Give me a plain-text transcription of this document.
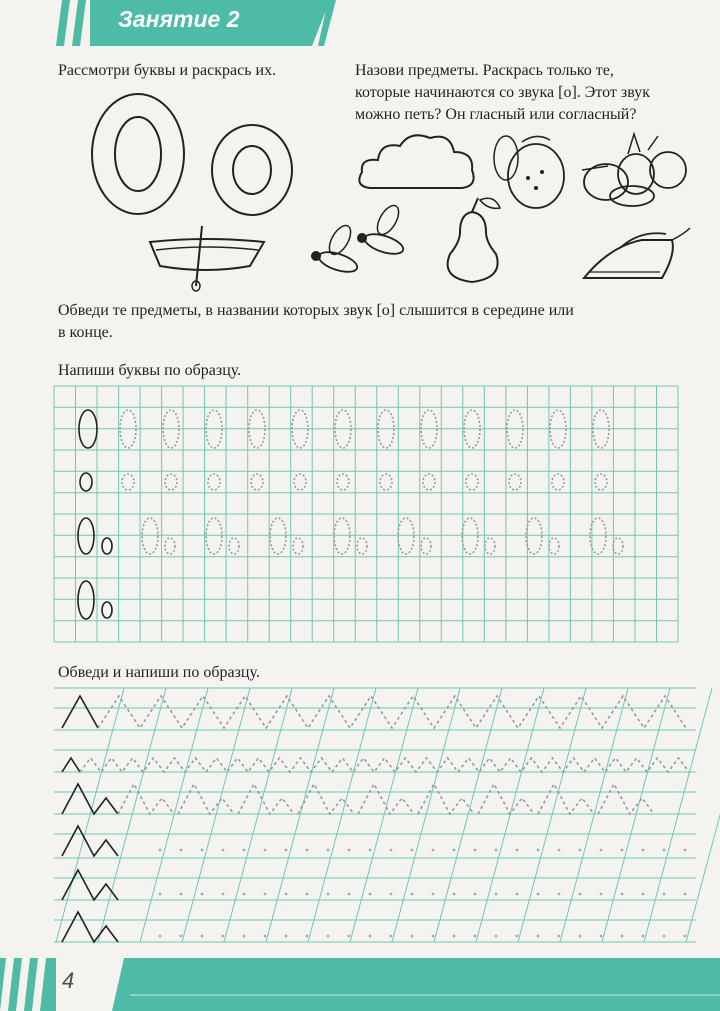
Занятие 2
Рассмотри буквы и раскрась их.	Назови предметы. Раскрась только те,
которые начинаются со звука [о]. Этот звук
можно петь? Он гласный или согласный?
Обведи те предметы, в названии которых звук [о] слышится в середине или
в конце.
Напиши буквы по образцу.
Обведи и напиши по образцу.
4
